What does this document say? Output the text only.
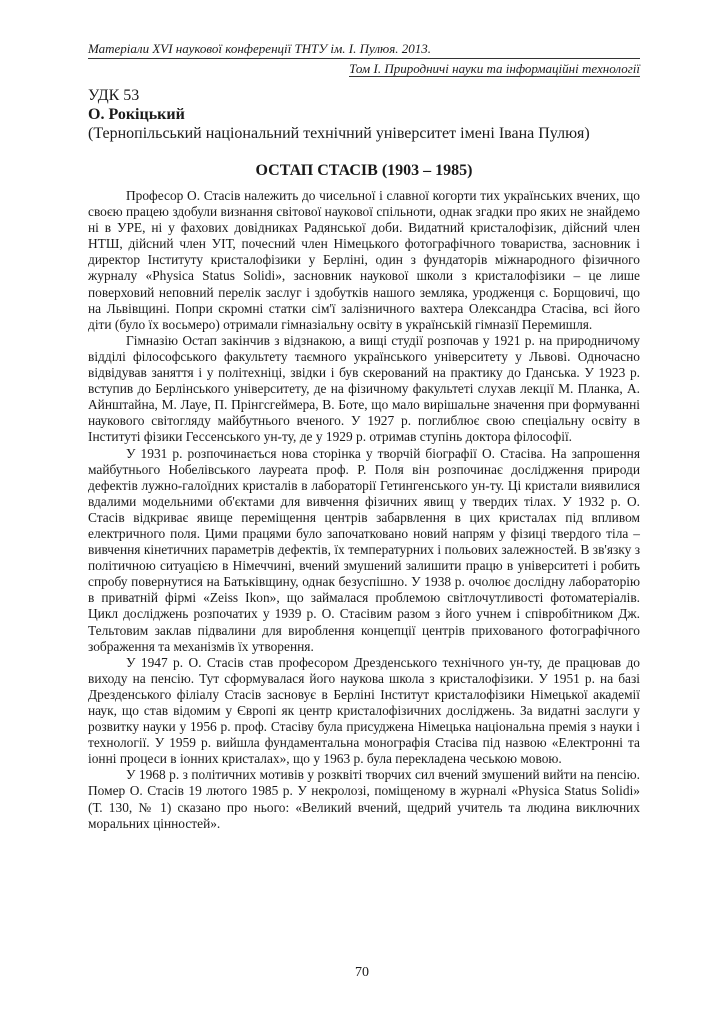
Матеріали XVІ наукової конференції ТНТУ ім. І. Пулюя. 2013.
Том І. Природничі науки та інформаційні технології
УДК 53
О. Рокіцький
(Тернопільський національний технічний університет імені Івана Пулюя)
ОСТАП СТАСІВ (1903 – 1985)

Професор О. Стасів належить до чисельної і славної когорти тих українських вчених, що своєю працею здобули визнання світової наукової спільноти, однак згадки про яких не знайдемо ні в УРЕ, ні у фахових довідниках Радянської доби. Видатний кристалофізик, дійсний член НТШ, дійсний член УІТ, почесний член Німецького фотографічного товариства, засновник і директор Інституту кристалофізики у Берліні, один з фундаторів міжнародного фізичного журналу «Physica Status Solidi», засновник наукової школи з кристалофізики – це лише поверховий неповний перелік заслуг і здобутків нашого земляка, уродженця с. Борщовичі, що на Львівщині. Попри скромні статки сім'ї залізничного вахтера Олександра Стасіва, всі його діти (було їх восьмеро) отримали гімназіальну освіту в українській гімназії Перемишля.

Гімназію Остап закінчив з відзнакою, а вищі студії розпочав у 1921 р. на природничому відділі філософського факультету таємного українського університету у Львові. Одночасно відвідував заняття і у політехніці, звідки і був скерований на практику до Гданська. У 1923 р. вступив до Берлінського університету, де на фізичному факультеті слухав лекції М. Планка, А. Айнштайна, М. Лауе, П. Прінгсгеймера, В. Боте, що мало вирішальне значення при формуванні наукового світогляду майбутнього вченого. У 1927 р. поглиблює свою спеціальну освіту в Інституті фізики Гессенського ун-ту, де у 1929 р. отримав ступінь доктора філософії.

У 1931 р. розпочинається нова сторінка у творчій біографії О. Стасіва. На запрошення майбутнього Нобелівського лауреата проф. Р. Поля він розпочинає дослідження природи дефектів лужно-галоїдних кристалів в лабораторії Гетингенського ун-ту. Ці кристали виявилися вдалими модельними об'єктами для вивчення фізичних явищ у твердих тілах. У 1932 р. О. Стасів відкриває явище переміщення центрів забарвлення в цих кристалах під впливом електричного поля. Цими працями було започатковано новий напрям у фізиці твердого тіла – вивчення кінетичних параметрів дефектів, їх температурних і польових залежностей. В зв'язку з політичною ситуацією в Німеччині, вчений змушений залишити працю в університеті і робить спробу повернутися на Батьківщину, однак безуспішно. У 1938 р. очолює дослідну лабораторію в приватній фірмі «Zeiss Ikon», що займалася проблемою світлочутливості фотоматеріалів. Цикл досліджень розпочатих у 1939 р. О. Стасівим разом з його учнем і співробітником Дж. Тельтовим заклав підвалини для вироблення концепції центрів прихованого фотографічного зображення та механізмів їх утворення.

У 1947 р. О. Стасів став професором Дрезденського технічного ун-ту, де працював до виходу на пенсію. Тут сформувалася його наукова школа з кристалофізики. У 1951 р. на базі Дрезденського філіалу Стасів засновує в Берліні Інститут кристалофізики Німецької академії наук, що став відомим у Європі як центр кристалофізичних досліджень. За видатні заслуги у розвитку науки у 1956 р. проф. Стасіву була присуджена Німецька національна премія з науки і технології. У 1959 р. вийшла фундаментальна монографія Стасіва під назвою «Електронні та іонні процеси в іонних кристалах», що у 1963 р. була перекладена чеською мовою.

У 1968 р. з політичних мотивів у розквіті творчих сил вчений змушений вийти на пенсію. Помер О. Стасів 19 лютого 1985 р. У некролозі, поміщеному в журналі «Physica Status Solidi» (Т. 130, № 1) сказано про нього: «Великий вчений, щедрий учитель та людина виключних моральних цінностей».

70
